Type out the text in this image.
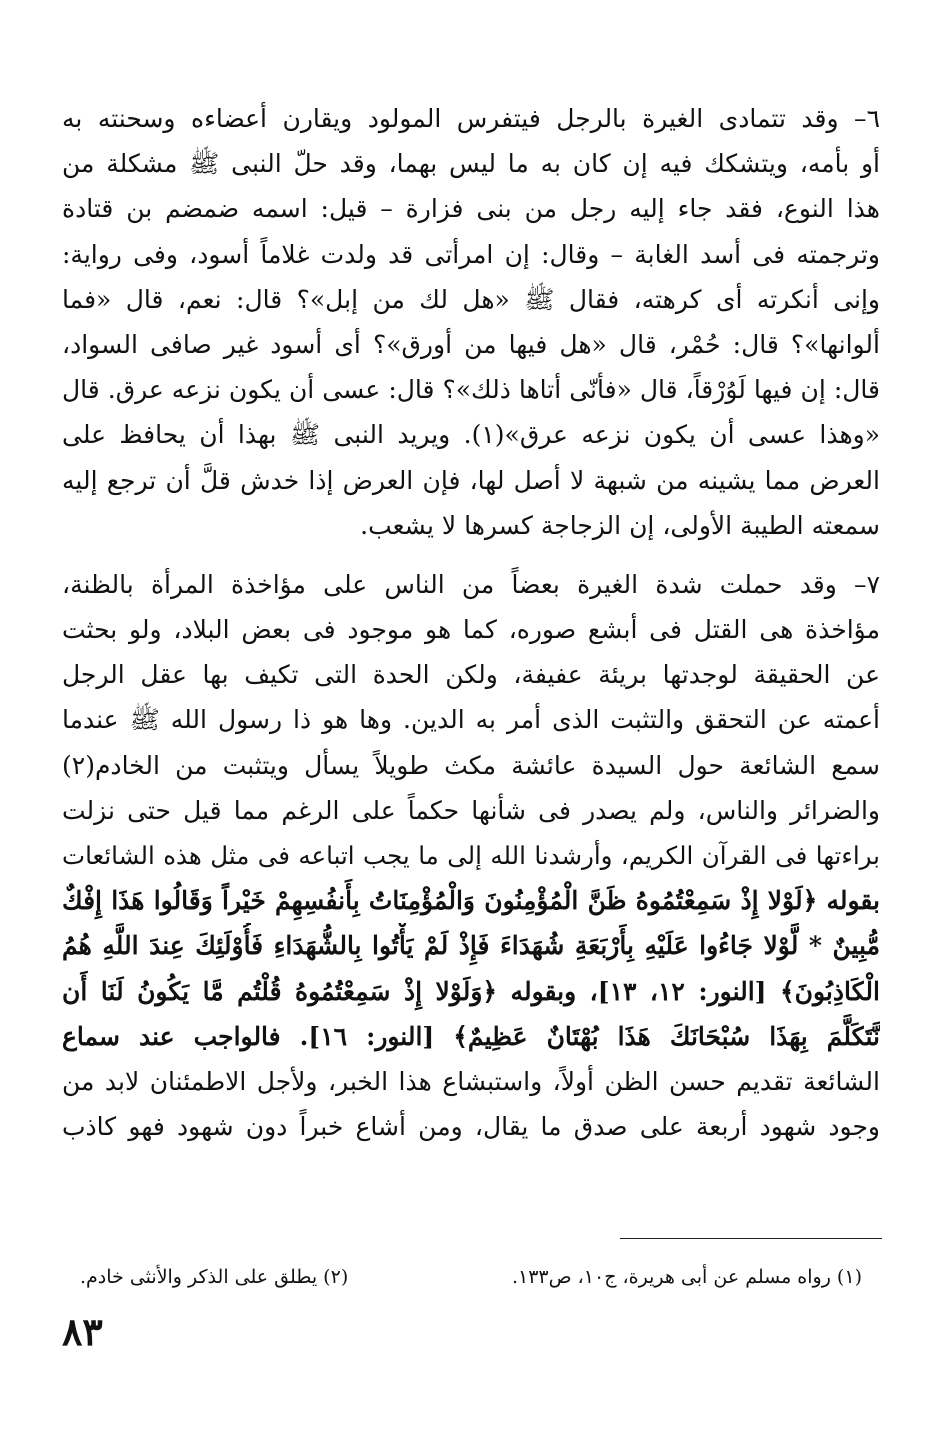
٦– وقد تتمادى الغيرة بالرجل فيتفرس المولود ويقارن أعضاءه وسحنته به
أو بأمه، ويتشكك فيه إن كان به ما ليس بهما، وقد حلّ النبى ﷺ مشكلة من
هذا النوع، فقد جاء إليه رجل من بنى فزارة – قيل: اسمه ضمضم بن قتادة
وترجمته فى أسد الغابة – وقال: إن امرأتى قد ولدت غلاماً أسود، وفى رواية:
وإنى أنكرته أى كرهته، فقال ﷺ «هل لك من إبل»؟ قال: نعم، قال «فما
ألوانها»؟ قال: حُمْر، قال «هل فيها من أورق»؟ أى أسود غير صافى السواد،
قال: إن فيها لَوُرْقاً، قال «فأنّى أتاها ذلك»؟ قال: عسى أن يكون نزعه عرق. قال
«وهذا عسى أن يكون نزعه عرق»(١). ويريد النبى ﷺ بهذا أن يحافظ على
العرض مما يشينه من شبهة لا أصل لها، فإن العرض إذا خدش قلَّ أن ترجع إليه
سمعته الطيبة الأولى، إن الزجاجة كسرها لا يشعب.
٧– وقد حملت شدة الغيرة بعضاً من الناس على مؤاخذة المرأة بالظنة،
مؤاخذة هى القتل فى أبشع صوره، كما هو موجود فى بعض البلاد، ولو بحثت
عن الحقيقة لوجدتها بريئة عفيفة، ولكن الحدة التى تكيف بها عقل الرجل
أعمته عن التحقق والتثبت الذى أمر به الدين. وها هو ذا رسول الله ﷺ عندما
سمع الشائعة حول السيدة عائشة مكث طويلاً يسأل ويتثبت من الخادم(٢)
والضرائر والناس، ولم يصدر فى شأنها حكماً على الرغم مما قيل حتى نزلت
براءتها فى القرآن الكريم، وأرشدنا الله إلى ما يجب اتباعه فى مثل هذه الشائعات
بقوله ﴿لَوْلا إِذْ سَمِعْتُمُوهُ ظَنَّ الْمُؤْمِنُونَ وَالْمُؤْمِنَاتُ بِأَنفُسِهِمْ خَيْراً وَقَالُوا هَذَا إِفْكٌ
مُّبِينٌ * لَّوْلا جَاءُوا عَلَيْهِ بِأَرْبَعَةِ شُهَدَاءَ فَإِذْ لَمْ يَأْتُوا بِالشُّهَدَاءِ فَأُوْلَئِكَ عِندَ اللَّهِ هُمُ
الْكَاذِبُونَ﴾ [النور: ١٢، ١٣]، وبقوله ﴿وَلَوْلا إِذْ سَمِعْتُمُوهُ قُلْتُم مَّا يَكُونُ لَنَا أَن
نَّتَكَلَّمَ بِهَذَا سُبْحَانَكَ هَذَا بُهْتَانٌ عَظِيمٌ﴾ [النور: ١٦]. فالواجب عند سماع
الشائعة تقديم حسن الظن أولاً، واستبشاع هذا الخبر، ولأجل الاطمئنان لابد من
وجود شهود أربعة على صدق ما يقال، ومن أشاع خبراً دون شهود فهو كاذب
(١) رواه مسلم عن أبى هريرة، ج١٠، ص١٣٣.
(٢) يطلق على الذكر والأنثى خادم.
٨٣
